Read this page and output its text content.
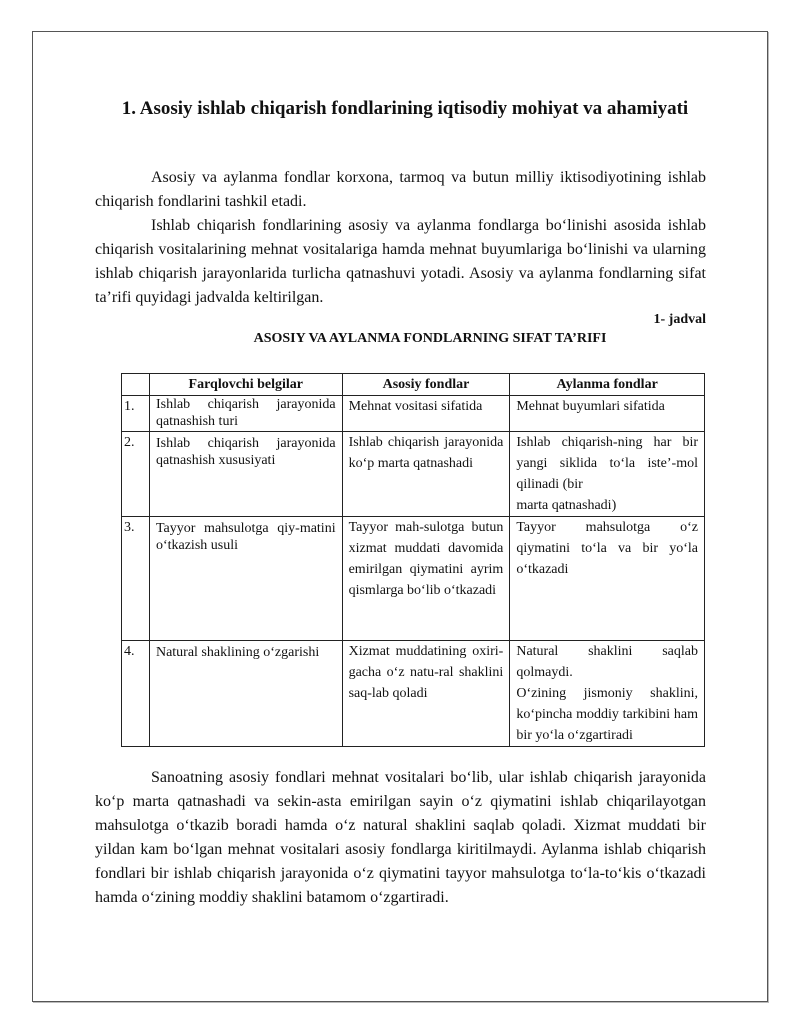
1. Asosiy ishlab chiqarish fondlarining iqtisodiy mohiyat va ahamiyati

Asosiy va aylanma fondlar korxona, tarmoq va butun milliy iktisodiyotining ishlab chiqarish fondlarini tashkil etadi.

Ishlab chiqarish fondlarining asosiy va aylanma fondlarga bo‘linishi asosida ishlab chiqarish vositalarining mehnat vositalariga hamda mehnat buyumlariga bo‘linishi va ularning ishlab chiqarish jarayonlarida turlicha qatnashuvi yotadi. Asosiy va aylanma fondlarning sifat ta’rifi quyidagi jadvalda keltirilgan.

1- jadval
ASOSIY VA AYLANMA FONDLARNING SIFAT TA’RIFI
	Farqlovchi belgilar	Asosiy fondlar	Aylanma fondlar
1.	Ishlab chiqarish jarayonida qatnashish turi	Mehnat vositasi sifatida	Mehnat buyumlari sifatida

2.	Ishlab chiqarish jarayonida qatnashish xususiyati	Ishlab chiqarish jarayonida ko‘p marta qatnashadi	Ishlab chiqarish-ning har bir yangi siklida to‘la iste’-mol qilinadi (bir
marta qatnashadi)

3.	Tayyor mahsulotga qiy-matini o‘tkazish usuli	Tayyor mah-sulotga butun xizmat muddati davomida emirilgan qiymatini ayrim qismlarga bo‘lib o‘tkazadi	Tayyor mahsulotga o‘z qiymatini to‘la va bir yo‘la o‘tkazadi

4.	Natural shaklining o‘zgarishi	Xizmat muddatining oxiri-gacha o‘z natu-ral shaklini saq-lab qoladi	Natural shaklini saqlab qolmaydi.
O‘zining jismoniy shaklini, ko‘pincha moddiy tarkibini ham bir yo‘la o‘zgartiradi

Sanoatning asosiy fondlari mehnat vositalari bo‘lib, ular ishlab chiqarish jarayonida ko‘p marta qatnashadi va sekin-asta emirilgan sayin o‘z qiymatini ishlab chiqarilayotgan mahsulotga o‘tkazib boradi hamda o‘z natural shaklini saqlab qoladi. Xizmat muddati bir yildan kam bo‘lgan mehnat vositalari asosiy fondlarga kiritilmaydi. Aylanma ishlab chiqarish fondlari bir ishlab chiqarish jarayonida o‘z qiymatini tayyor mahsulotga to‘la-to‘kis o‘tkazadi hamda o‘zining moddiy shaklini batamom o‘zgartiradi.
